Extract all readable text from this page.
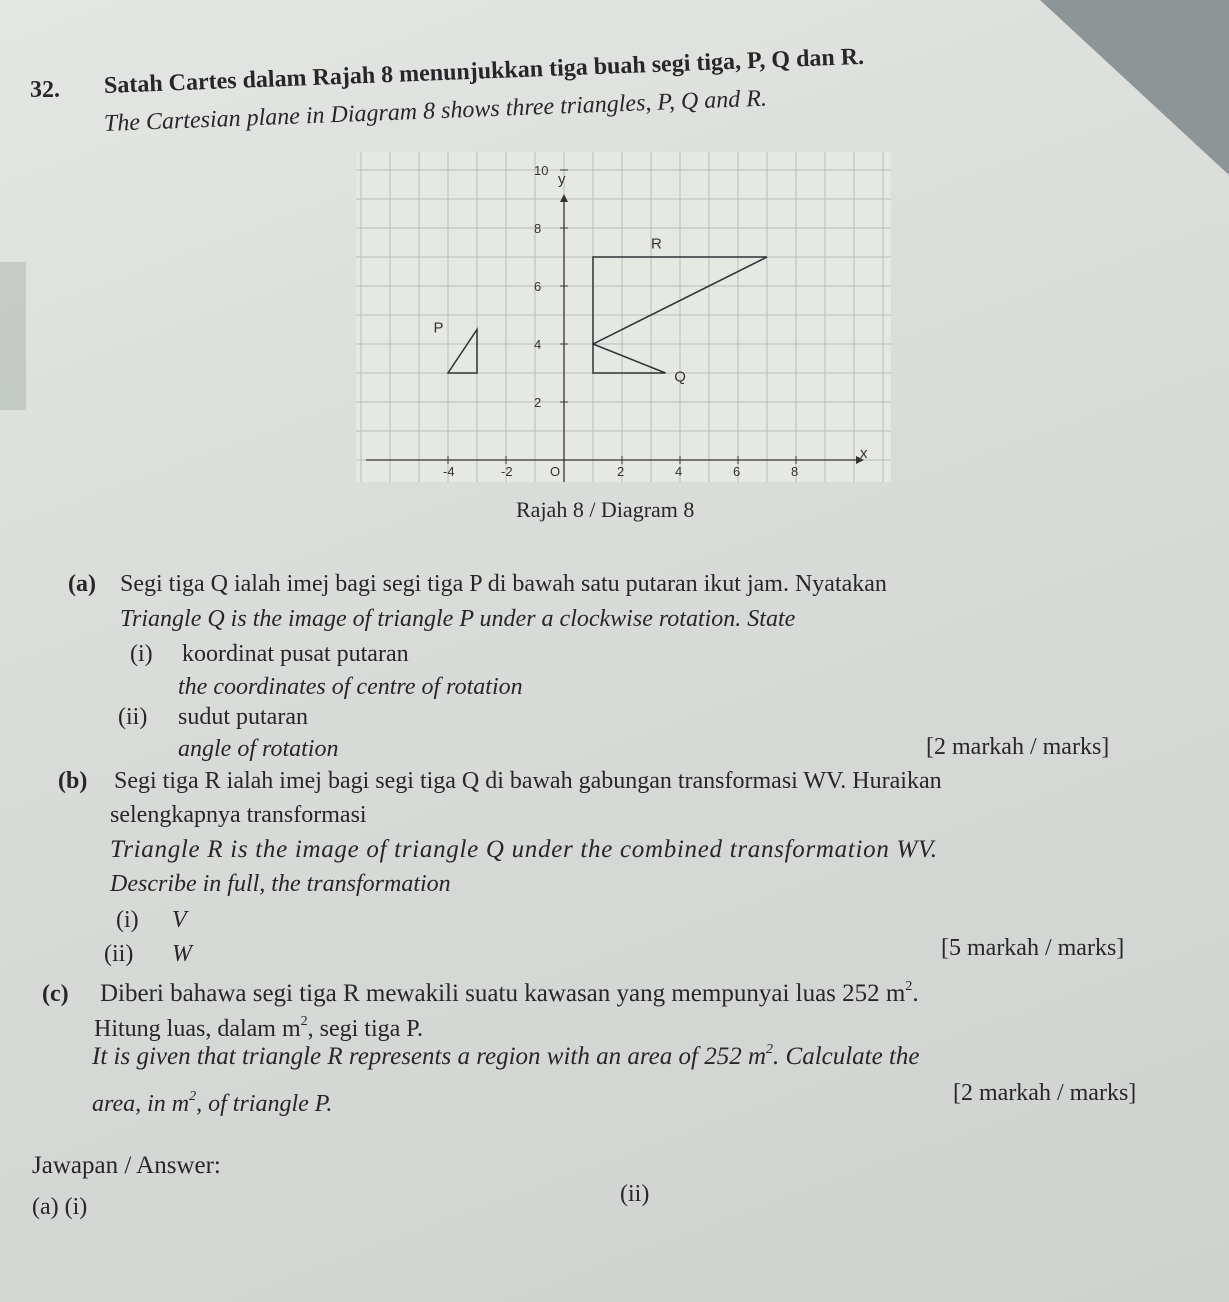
32. Satah Cartes dalam Rajah 8 menunjukkan tiga buah segi tiga, P, Q dan R.
The Cartesian plane in Diagram 8 shows three triangles, P, Q and R.
-4	-2	O	2	4	6	8
2
4
6
8
10
x
y
P
Q
R
Rajah 8 / Diagram 8
(a) Segi tiga Q ialah imej bagi segi tiga P di bawah satu putaran ikut jam. Nyatakan
Triangle Q is the image of triangle P under a clockwise rotation. State
(i) koordinat pusat putaran
the coordinates of centre of rotation
(ii) sudut putaran
angle of rotation	[2 markah / marks]
(b) Segi tiga R ialah imej bagi segi tiga Q di bawah gabungan transformasi WV. Huraikan
selengkapnya transformasi
Triangle R is the image of triangle Q under the combined transformation WV.
Describe in full, the transformation
(i) V
(ii) W	[5 markah / marks]
(c) Diberi bahawa segi tiga R mewakili suatu kawasan yang mempunyai luas 252 $m^2$.
Hitung luas, dalam $m^2$, segi tiga P.
It is given that triangle R represents a region with an area of 252 $m^2$. Calculate the
area, in $m^2$, of triangle P.	[2 markah / marks]
Jawapan / Answer:
(a) (i)	(ii)
